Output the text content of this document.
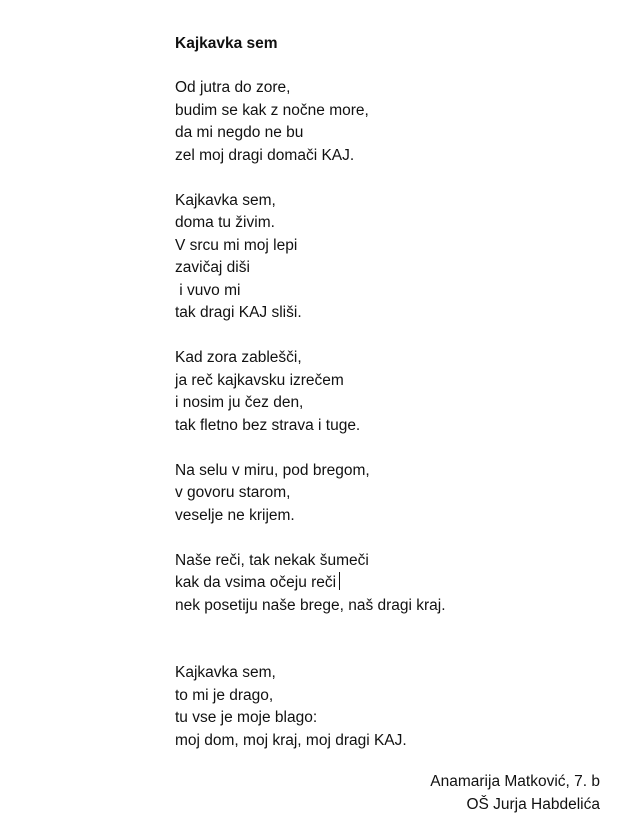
Kajkavka sem
Od jutra do zore,
budim se kak z nočne more,
da mi negdo ne bu
zel moj dragi domači KAJ.
Kajkavka sem,
doma tu živim.
V srcu mi moj lepi
zavičaj diši
i vuvo mi
tak dragi KAJ sliši.
Kad zora zablešči,
ja reč kajkavsku izrečem
i nosim ju čez den,
tak fletno bez strava i tuge.
Na selu v miru, pod bregom,
v govoru starom,
veselje ne krijem.
Naše reči, tak nekak šumeči
kak da vsima očeju reči
nek posetiju naše brege, naš dragi kraj.
Kajkavka sem,
to mi je drago,
tu vse je moje blago:
moj dom, moj kraj, moj dragi KAJ.
Anamarija Matković, 7. b
OŠ Jurja Habdelića
